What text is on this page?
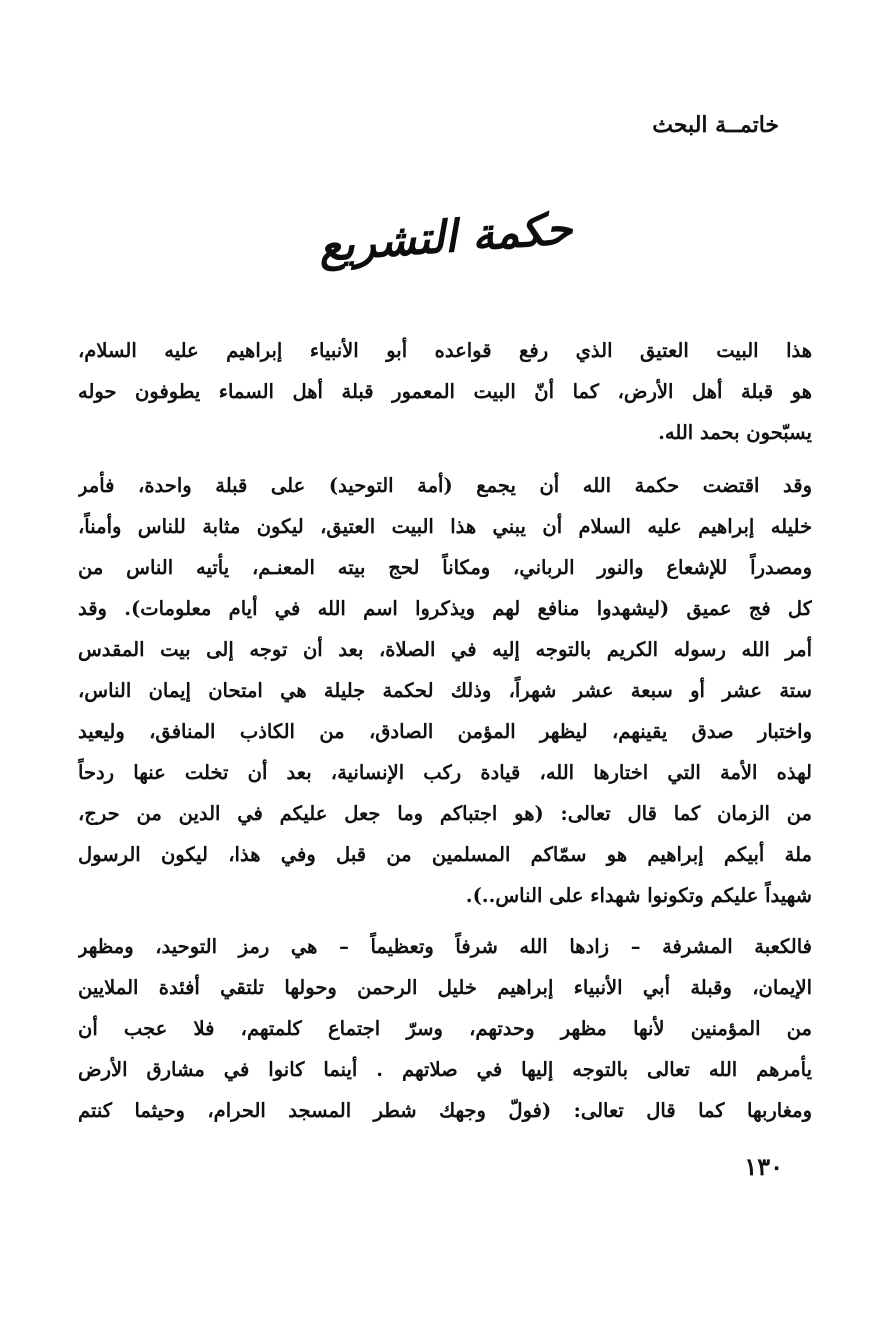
خاتمــة البحث
حكمة التشريع
هذا البيت العتيق الذي رفع قواعده أبو الأنبياء إبراهيم عليه السلام،
هو قبلة أهل الأرض، كما أنّ البيت المعمور قبلة أهل السماء يطوفون حوله
يسبّحون بحمد الله.
وقد اقتضت حكمة الله أن يجمع (أمة التوحيد) على قبلة واحدة، فأمر
خليله إبراهيم عليه السلام أن يبني هذا البيت العتيق، ليكون مثابة للناس وأمناً،
ومصدراً للإشعاع والنور الرباني، ومكاناً لحج بيته المعنـم، يأتيه الناس من
كل فج عميق (ليشهدوا منافع لهم ويذكروا اسم الله في أيام معلومات). وقد
أمر الله رسوله الكريم بالتوجه إليه في الصلاة، بعد أن توجه إلى بيت المقدس
ستة عشر أو سبعة عشر شهراً، وذلك لحكمة جليلة هي امتحان إيمان الناس،
واختبار صدق يقينهم، ليظهر المؤمن الصادق، من الكاذب المنافق، وليعيد
لهذه الأمة التي اختارها الله، قيادة ركب الإنسانية، بعد أن تخلت عنها ردحاً
من الزمان كما قال تعالى: (هو اجتباكم وما جعل عليكم في الدين من حرج،
ملة أبيكم إبراهيم هو سمّاكم المسلمين من قبل وفي هذا، ليكون الرسول
شهيداً عليكم وتكونوا شهداء على الناس..).
فالكعبة المشرفة – زادها الله شرفاً وتعظيماً – هي رمز التوحيد، ومظهر
الإيمان، وقبلة أبي الأنبياء إبراهيم خليل الرحمن وحولها تلتقي أفئدة الملايين
من المؤمنين لأنها مظهر وحدتهم، وسرّ اجتماع كلمتهم، فلا عجب أن
يأمرهم الله تعالى بالتوجه إليها في صلاتهم . أينما كانوا في مشارق الأرض
ومغاربها كما قال تعالى: (فولّ وجهك شطر المسجد الحرام، وحيثما كنتم
١٣٠
